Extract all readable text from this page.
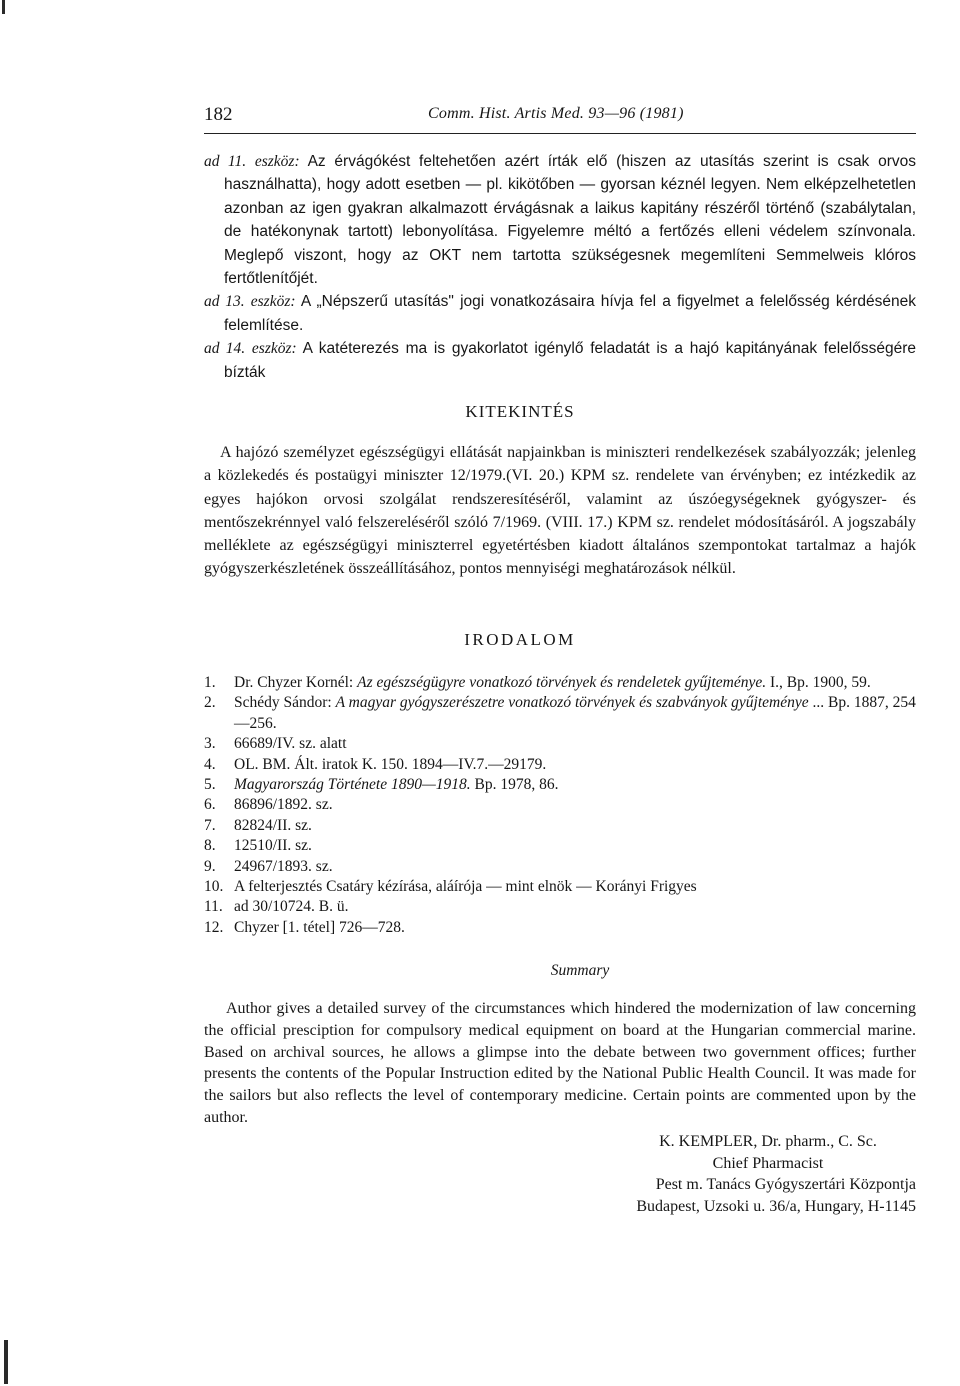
182	Comm. Hist. Artis Med. 93—96 (1981)

ad 11. eszköz: Az érvágókést feltehetően azért írták elő (hiszen az utasítás szerint is csak orvos használhatta), hogy adott esetben — pl. kikötőben — gyorsan kéznél legyen. Nem elképzelhetetlen azonban az igen gyakran alkalmazott érvágásnak a laikus kapitány részéről történő (szabálytalan, de hatékonynak tartott) lebonyolítása. Figyelemre méltó a fertőzés elleni védelem színvonala. Meglepő viszont, hogy az OKT nem tartotta szükségesnek megemlíteni Semmelweis klóros fertőtlenítőjét.

ad 13. eszköz: A „Népszerű utasítás" jogi vonatkozásaira hívja fel a figyelmet a felelősség kérdésének felemlítése.

ad 14. eszköz: A katéterezés ma is gyakorlatot igénylő feladatát is a hajó kapitányának felelősségére bízták

KITEKINTÉS
A hajózó személyzet egészségügyi ellátását napjainkban is miniszteri rendelkezések szabályozzák; jelenleg a közlekedés és postaügyi miniszter 12/1979.(VI. 20.) KPM sz. rendelete van érvényben; ez intézkedik az egyes hajókon orvosi szolgálat rendszeresítéséről, valamint az úszóegységeknek gyógyszer- és mentőszekrénnyel való felszereléséről szóló 7/1969. (VIII. 17.) KPM sz. rendelet módosításáról. A jogszabály melléklete az egészségügyi miniszterrel egyetértésben kiadott általános szempontokat tartalmaz a hajók gyógyszerkészletének összeállításához, pontos mennyiségi meghatározások nélkül.
IRODALOM
1.	Dr. Chyzer Kornél: Az egészségügyre vonatkozó törvények és rendeletek gyűjteménye. I., Bp. 1900, 59.
2.	Schédy Sándor: A magyar gyógyszerészetre vonatkozó törvények és szabványok gyűjteménye ... Bp. 1887, 254—256.
3.	66689/IV. sz. alatt
4.	OL. BM. Ált. iratok K. 150. 1894—IV.7.—29179.
5.	Magyarország Története 1890—1918. Bp. 1978, 86.
6.	86896/1892. sz.
7.	82824/II. sz.
8.	12510/II. sz.
9.	24967/1893. sz.
10. A felterjesztés Csatáry kézírása, aláírója — mint elnök — Korányi Frigyes
11. ad 30/10724. B. ü.
12. Chyzer [1. tétel] 726—728.
Summary
Author gives a detailed survey of the circumstances which hindered the modernization of law concerning the official presciption for compulsory medical equipment on board at the Hungarian commercial marine. Based on archival sources, he allows a glimpse into the debate between two government offices; further presents the contents of the Popular Instruction edited by the National Public Health Council. It was made for the sailors but also reflects the level of contemporary medicine. Certain points are commented upon by the author.
K. KEMPLER, Dr. pharm., C. Sc.
Chief Pharmacist
Pest m. Tanács Gyógyszertári Központja
Budapest, Uzsoki u. 36/a, Hungary, H-1145
